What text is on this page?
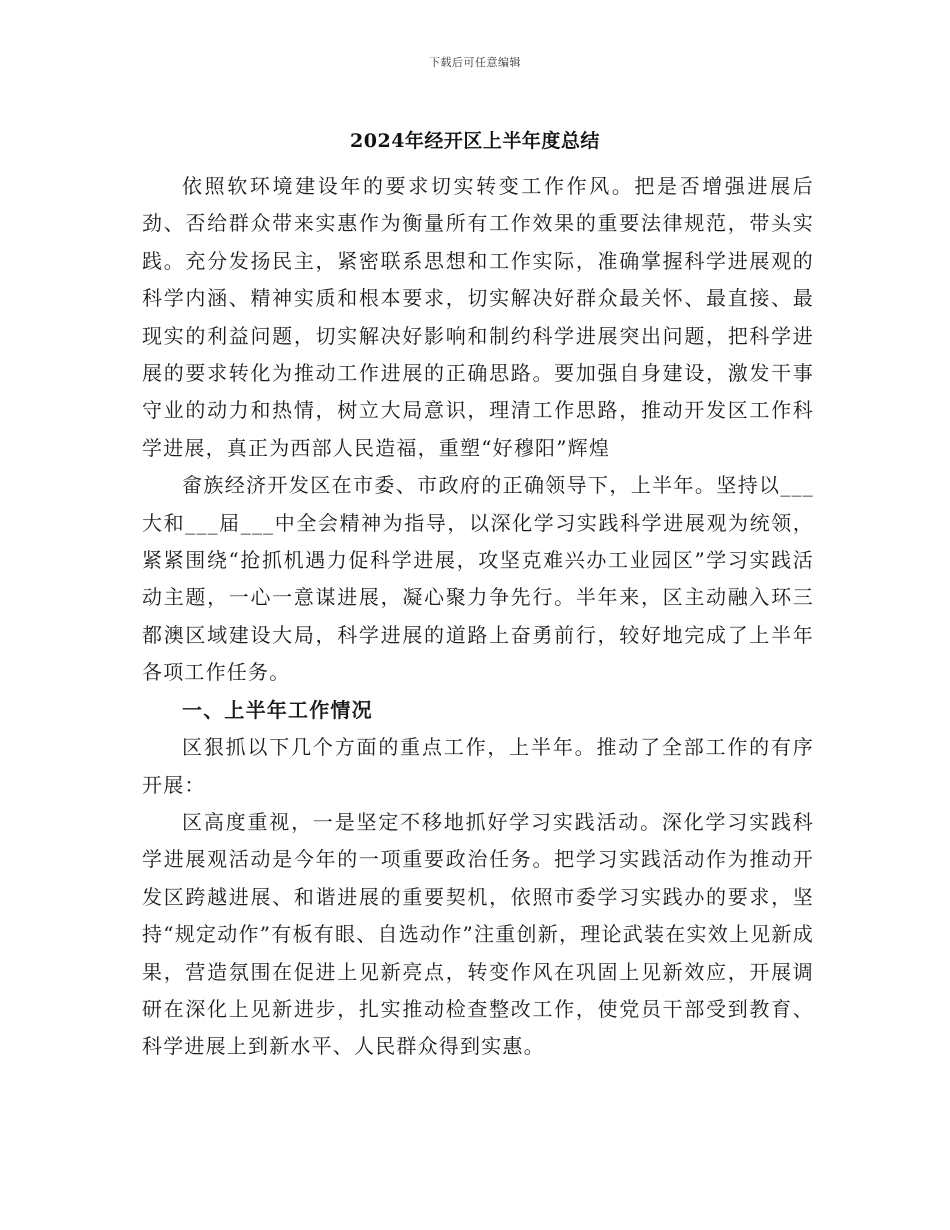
下载后可任意编辑
2024年经开区上半年度总结

依照软环境建设年的要求切实转变工作作风。把是否增强进展后劲、否给群众带来实惠作为衡量所有工作效果的重要法律规范，带头实践。充分发扬民主，紧密联系思想和工作实际，准确掌握科学进展观的科学内涵、精神实质和根本要求，切实解决好群众最关怀、最直接、最现实的利益问题，切实解决好影响和制约科学进展突出问题，把科学进展的要求转化为推动工作进展的正确思路。要加强自身建设，激发干事守业的动力和热情，树立大局意识，理清工作思路，推动开发区工作科学进展，真正为西部人民造福，重塑“好穆阳”辉煌

畲族经济开发区在市委、市政府的正确领导下，上半年。坚持以___大和___届___中全会精神为指导，以深化学习实践科学进展观为统领，紧紧围绕“抢抓机遇力促科学进展，攻坚克难兴办工业园区”学习实践活动主题，一心一意谋进展，凝心聚力争先行。半年来，区主动融入环三都澳区域建设大局，科学进展的道路上奋勇前行，较好地完成了上半年各项工作任务。

一、上半年工作情况

区狠抓以下几个方面的重点工作，上半年。推动了全部工作的有序开展：

区高度重视，一是坚定不移地抓好学习实践活动。深化学习实践科学进展观活动是今年的一项重要政治任务。把学习实践活动作为推动开发区跨越进展、和谐进展的重要契机，依照市委学习实践办的要求，坚持“规定动作”有板有眼、自选动作”注重创新，理论武装在实效上见新成果，营造氛围在促进上见新亮点，转变作风在巩固上见新效应，开展调研在深化上见新进步，扎实推动检查整改工作，使党员干部受到教育、科学进展上到新水平、人民群众得到实惠。
